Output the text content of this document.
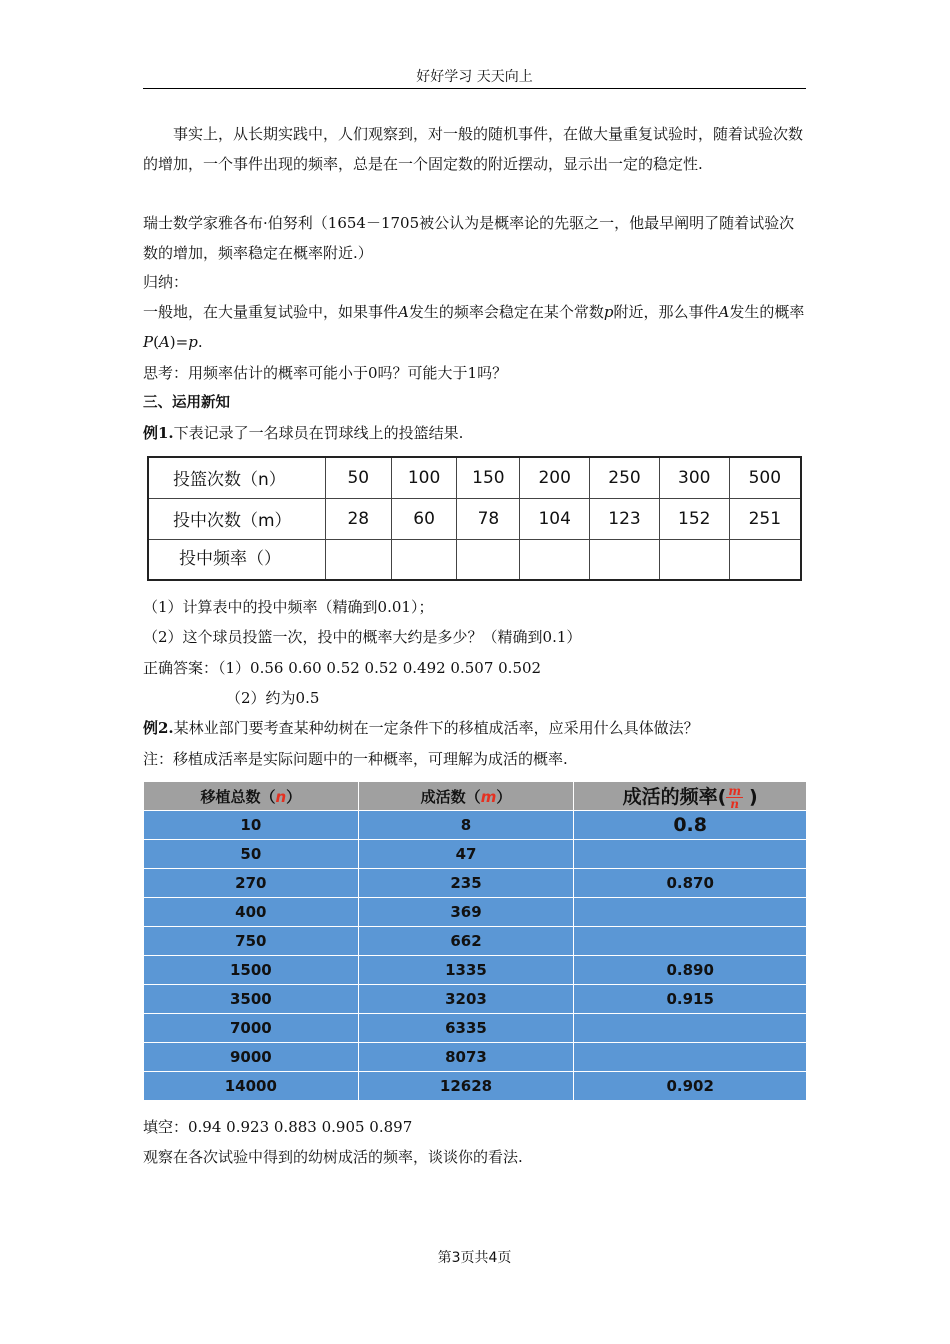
好好学习 天天向上

事实上，从长期实践中，人们观察到，对一般的随机事件，在做大量重复试验时，随着试验次数的增加，一个事件出现的频率，总是在一个固定数的附近摆动，显示出一定的稳定性.

瑞士数学家雅各布·伯努利（1654－1705被公认为是概率论的先驱之一，他最早阐明了随着试验次数的增加，频率稳定在概率附近.）

归纳：

一般地，在大量重复试验中，如果事件A发生的频率会稳定在某个常数p附近，那么事件A发生的概率P(A)=p.

思考：用频率估计的概率可能小于0吗？可能大于1吗？

三、运用新知

例1.下表记录了一名球员在罚球线上的投篮结果.

投篮次数（n）	50	100	150	200	250	300	500
投中次数（m）	28	60	78	104	123	152	251
投中频率（）							

（1）计算表中的投中频率（精确到0.01）；

（2）这个球员投篮一次，投中的概率大约是多少？（精确到0.1）

正确答案：（1）0.56 0.60 0.52 0.52 0.492 0.507 0.502

（2）约为0.5

例2.某林业部门要考查某种幼树在一定条件下的移植成活率，应采用什么具体做法？

注：移植成活率是实际问题中的一种概率，可理解为成活的概率.

移植总数（n）	成活数（m）	成活的频率( $\frac{m}{n}$ )
10	8	0.8
50	47	
270	235	0.870
400	369	
750	662	
1500	1335	0.890
3500	3203	0.915
7000	6335	
9000	8073	
14000	12628	0.902

填空：0.94 0.923 0.883 0.905 0.897

观察在各次试验中得到的幼树成活的频率，谈谈你的看法.

第3页共4页
